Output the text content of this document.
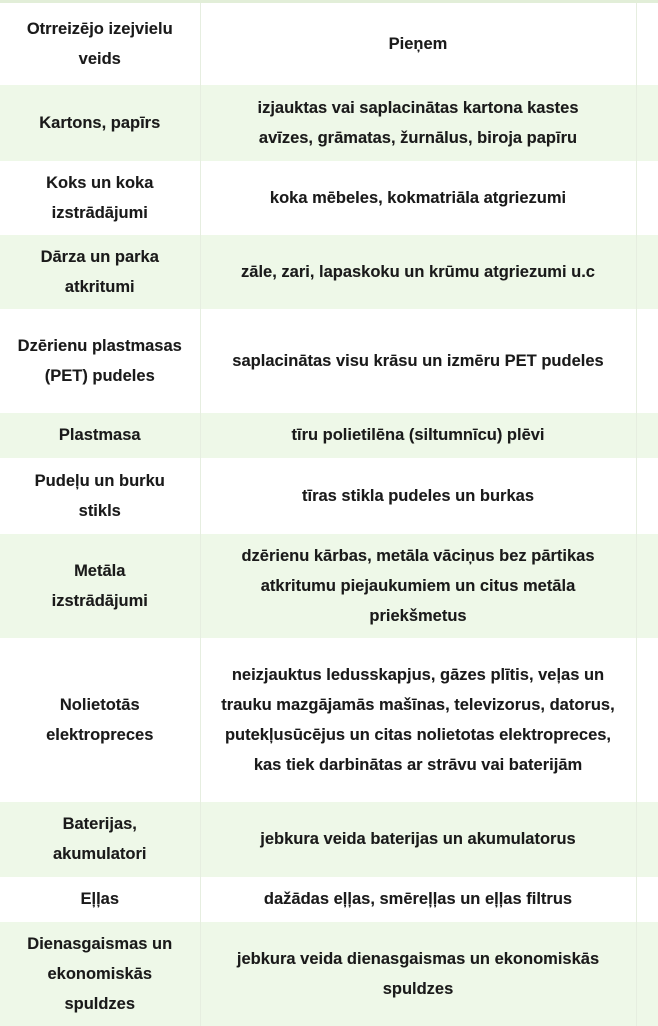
Otrreizējo izejvielu veids	Pieņem	
Kartons, papīrs	izjauktas vai saplacinātas kartona kastes avīzes, grāmatas, žurnālus, biroja papīru	
Koks un koka izstrādājumi	koka mēbeles, kokmatriāla atgriezumi	
Dārza un parka atkritumi	zāle, zari, lapaskoku un krūmu atgriezumi u.c	
Dzērienu plastmasas (PET) pudeles	saplacinātas visu krāsu un izmēru PET pudeles	
Plastmasa	tīru polietilēna (siltumnīcu) plēvi	
Pudeļu un burku stikls	tīras stikla pudeles un burkas	
Metāla izstrādājumi	dzērienu kārbas, metāla vāciņus bez pārtikas atkritumu piejaukumiem un citus metāla priekšmetus	
Nolietotās elektropreces	neizjauktus ledusskapjus, gāzes plītis, veļas un trauku mazgājamās mašīnas, televizorus, datorus, putekļusūcējus un citas nolietotas elektropreces, kas tiek darbinātas ar strāvu vai baterijām	
Baterijas, akumulatori	jebkura veida baterijas un akumulatorus	
Eļļas	dažādas eļļas, smēreļļas un eļļas filtrus	
Dienasgaismas un ekonomiskās spuldzes	jebkura veida dienasgaismas un ekonomiskās spuldzes	
